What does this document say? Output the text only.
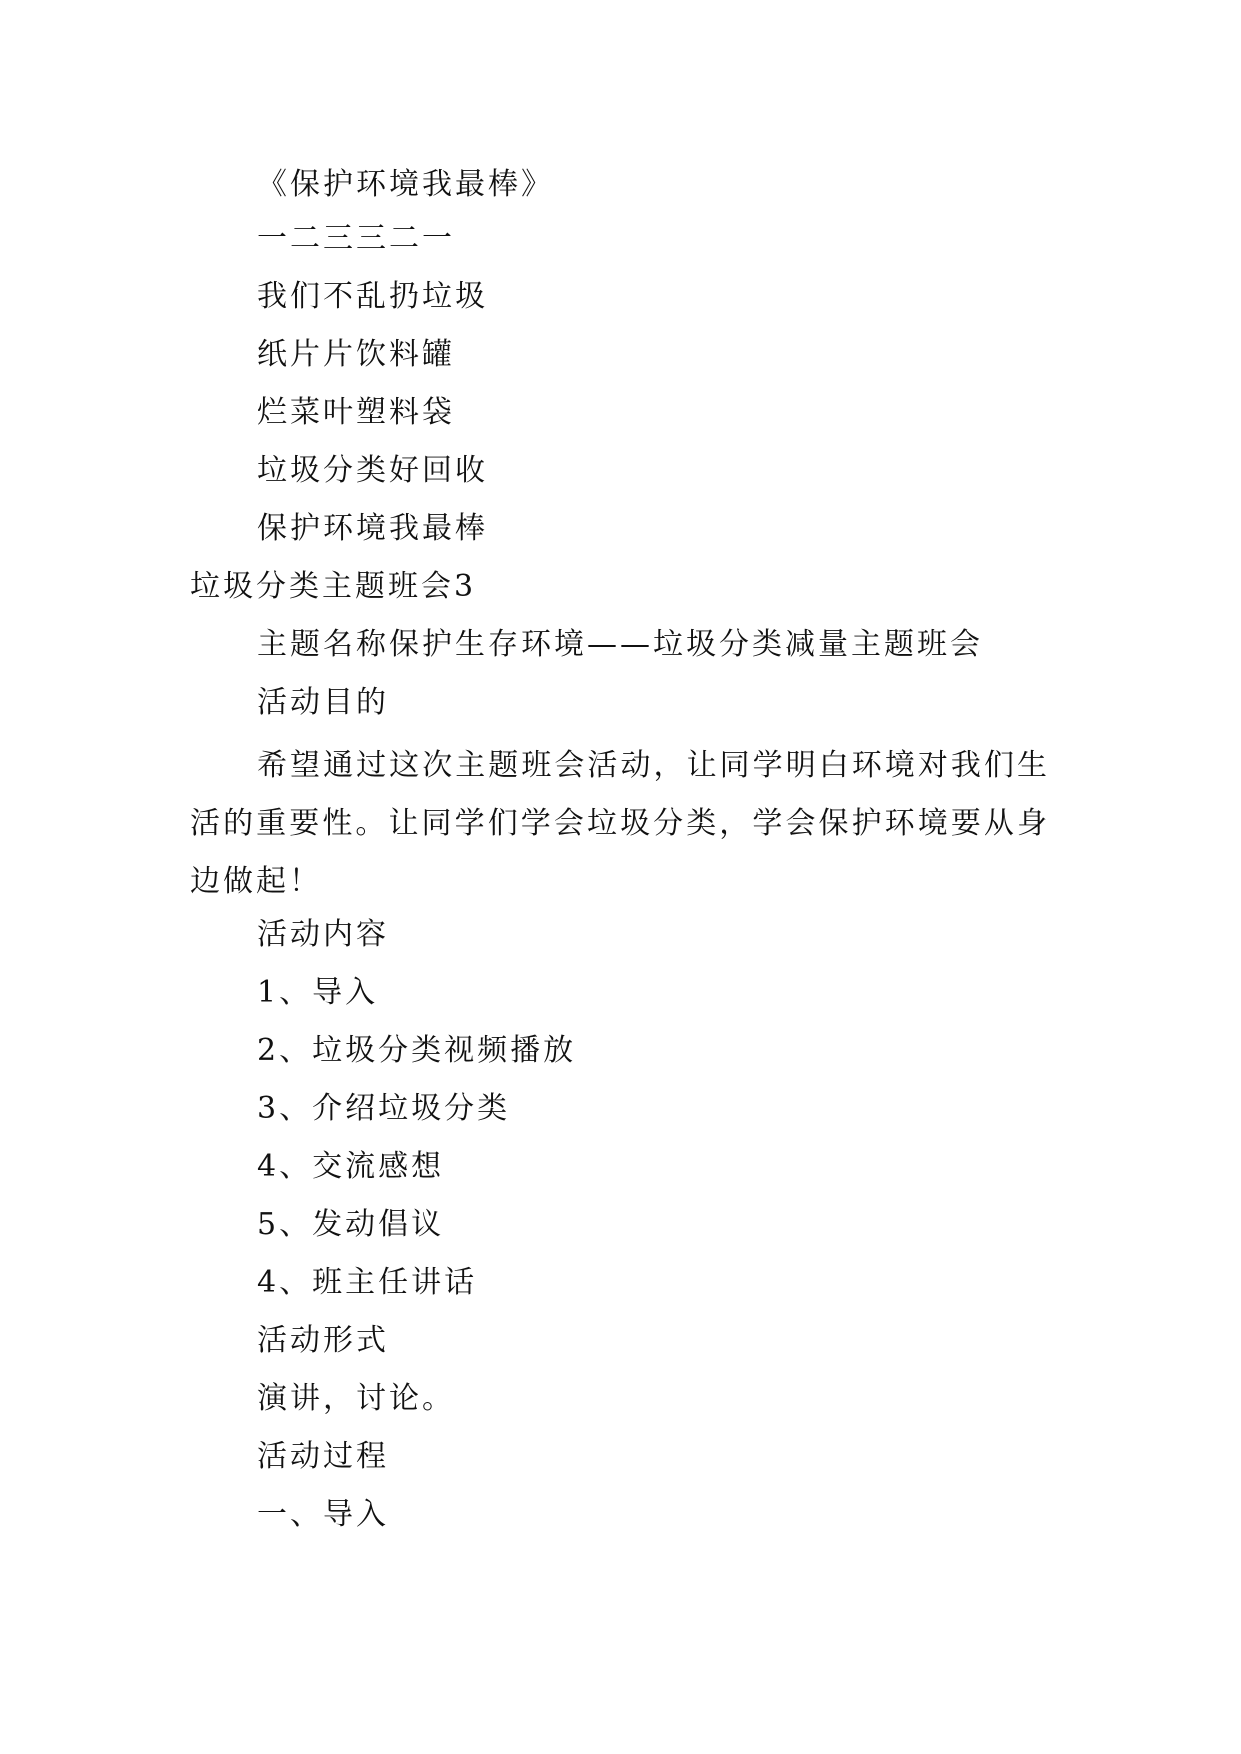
《保护环境我最棒》
一二三三二一
我们不乱扔垃圾
纸片片饮料罐
烂菜叶塑料袋
垃圾分类好回收
保护环境我最棒
垃圾分类主题班会3
主题名称保护生存环境——垃圾分类减量主题班会
活动目的
希望通过这次主题班会活动，让同学明白环境对我们生活的重要性。让同学们学会垃圾分类，学会保护环境要从身边做起！
活动内容
1、导入
2、垃圾分类视频播放
3、介绍垃圾分类
4、交流感想
5、发动倡议
4、班主任讲话
活动形式
演讲，讨论。
活动过程
一、导入
